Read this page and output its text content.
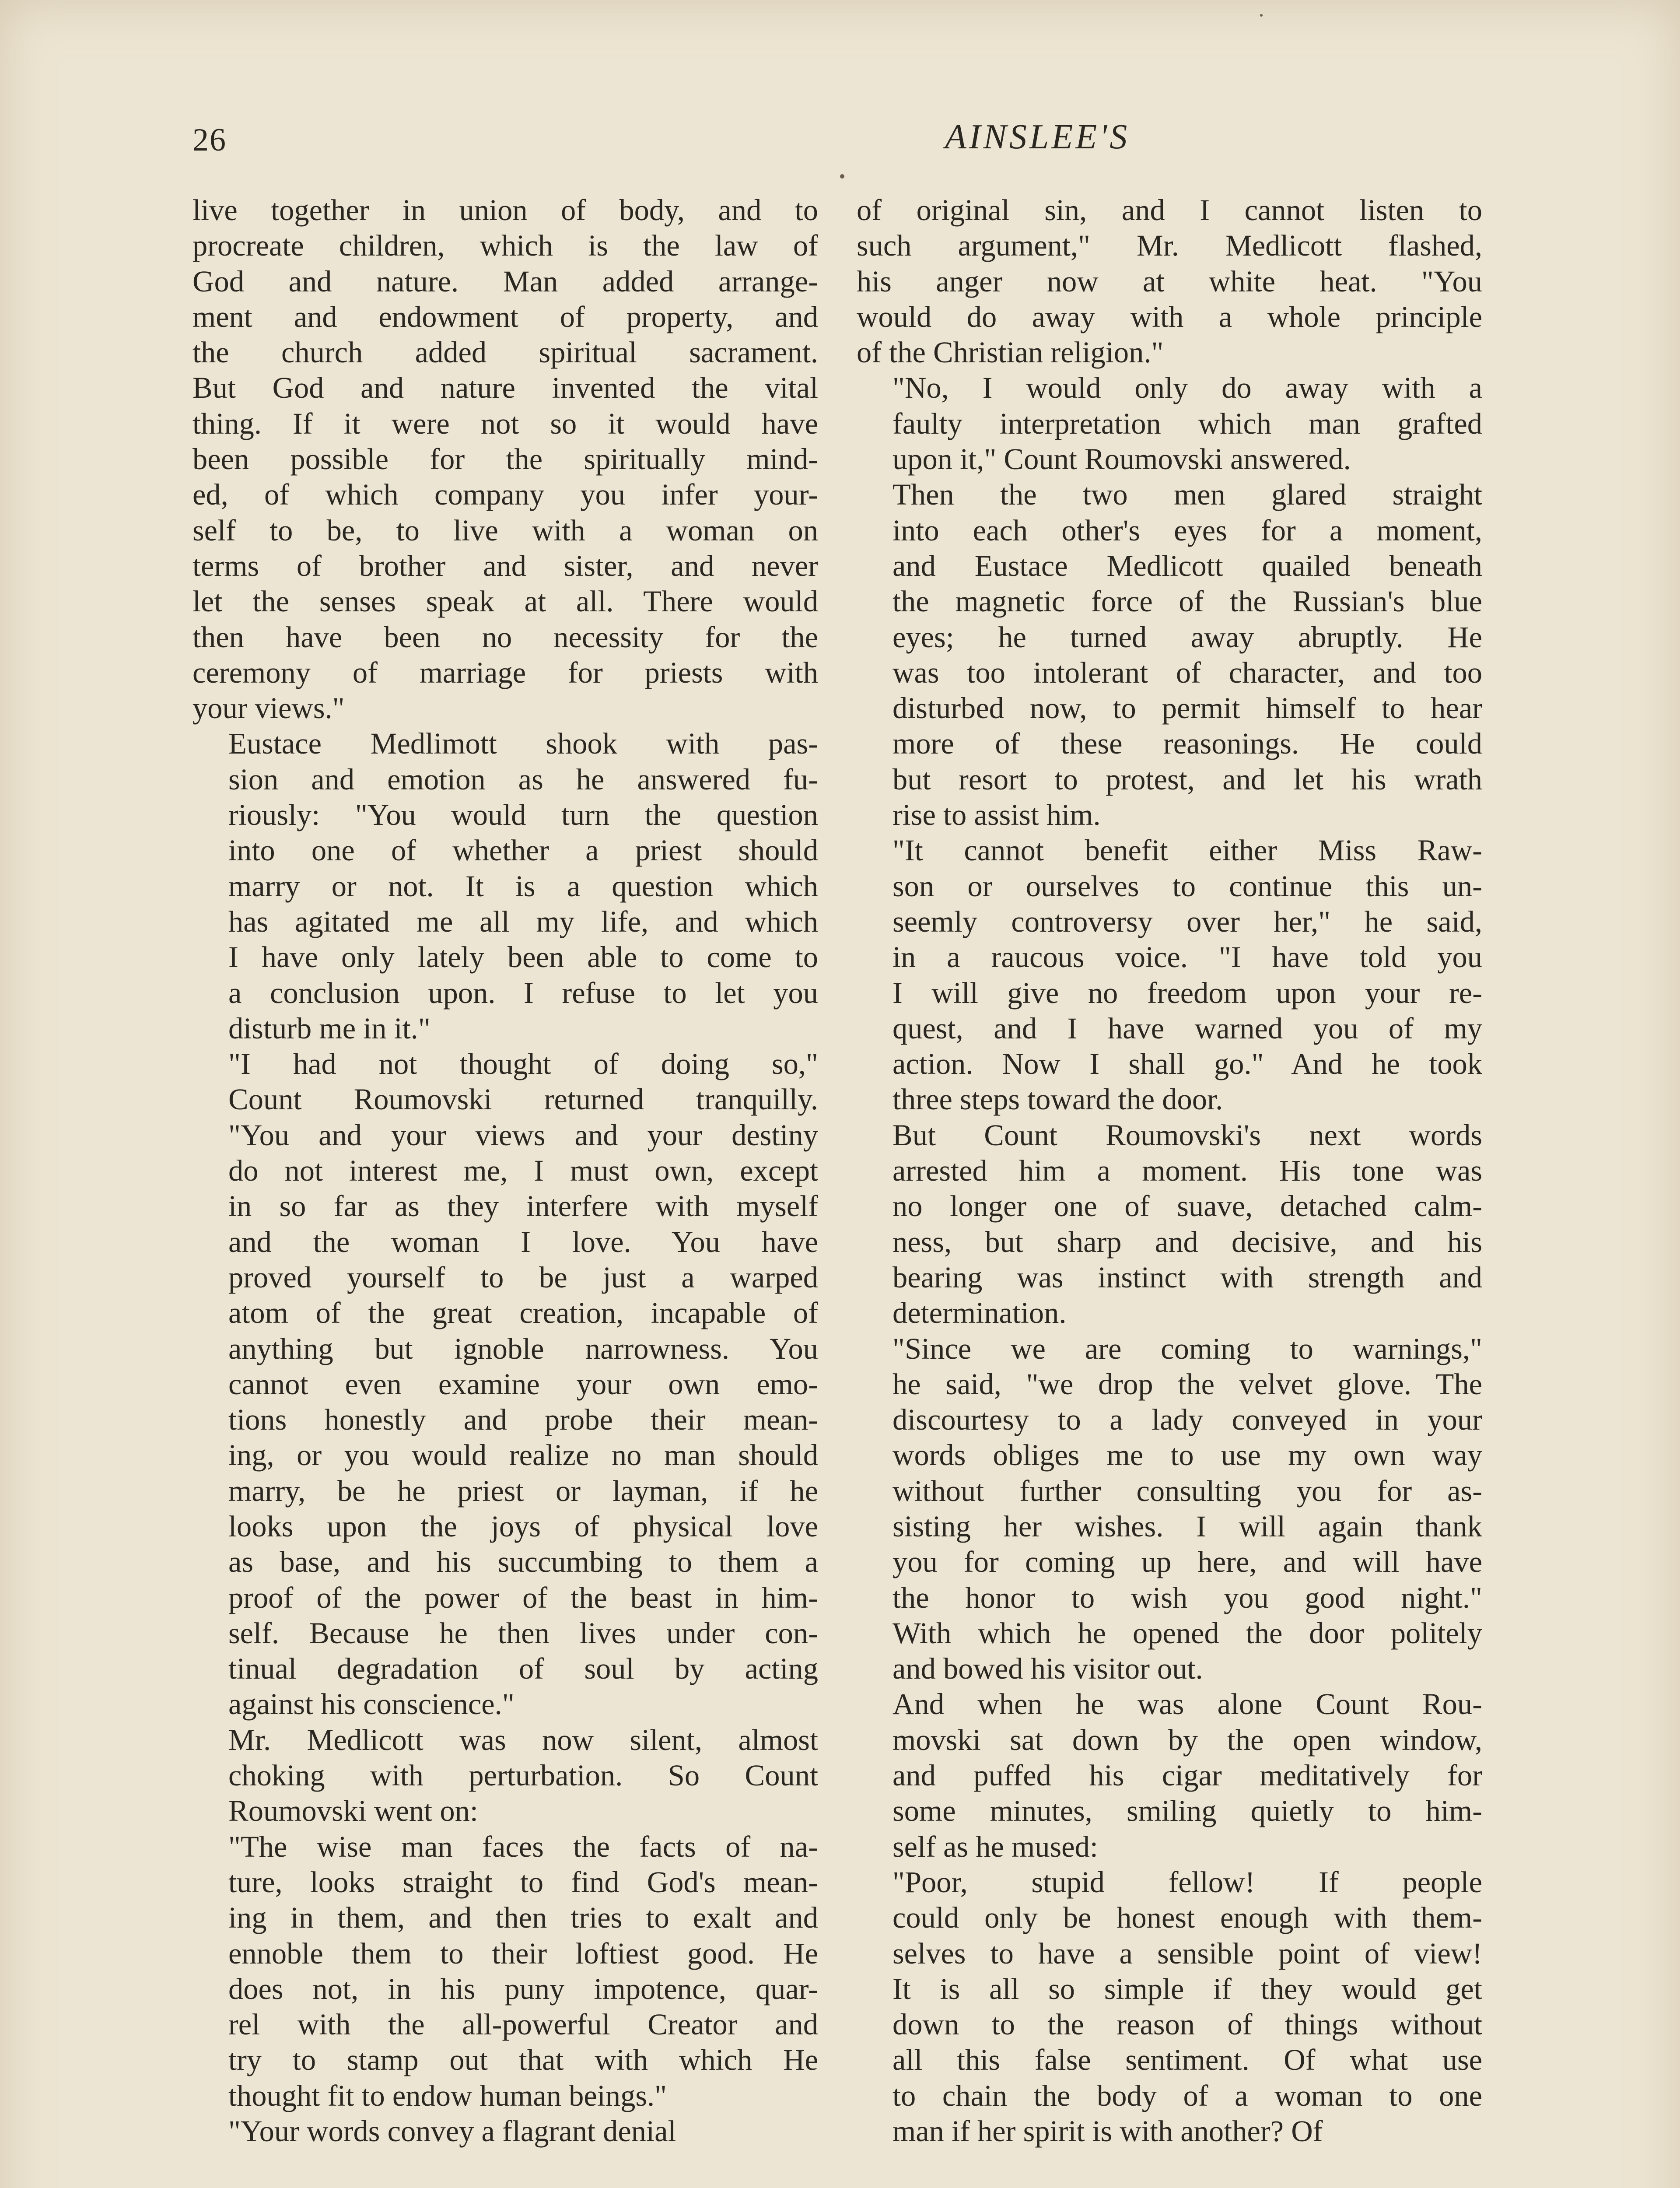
26	AINSLEE'S

live together in union of body, and to
procreate children, which is the law of
God and nature. Man added arrange-
ment and endowment of property, and
the church added spiritual sacrament.
But God and nature invented the vital
thing. If it were not so it would have
been possible for the spiritually mind-
ed, of which company you infer your-
self to be, to live with a woman on
terms of brother and sister, and never
let the senses speak at all. There would
then have been no necessity for the
ceremony of marriage for priests with
your views."

Eustace Medlimott shook with pas-
sion and emotion as he answered fu-
riously: "You would turn the question
into one of whether a priest should
marry or not. It is a question which
has agitated me all my life, and which
I have only lately been able to come to
a conclusion upon. I refuse to let you
disturb me in it."

"I had not thought of doing so,"
Count Roumovski returned tranquilly.
"You and your views and your destiny
do not interest me, I must own, except
in so far as they interfere with myself
and the woman I love. You have
proved yourself to be just a warped
atom of the great creation, incapable of
anything but ignoble narrowness. You
cannot even examine your own emo-
tions honestly and probe their mean-
ing, or you would realize no man should
marry, be he priest or layman, if he
looks upon the joys of physical love
as base, and his succumbing to them a
proof of the power of the beast in him-
self. Because he then lives under con-
tinual degradation of soul by acting
against his conscience."

Mr. Medlicott was now silent, almost
choking with perturbation. So Count
Roumovski went on:

"The wise man faces the facts of na-
ture, looks straight to find God's mean-
ing in them, and then tries to exalt and
ennoble them to their loftiest good. He
does not, in his puny impotence, quar-
rel with the all-powerful Creator and
try to stamp out that with which He
thought fit to endow human beings."

"Your words convey a flagrant denial

of original sin, and I cannot listen to
such argument," Mr. Medlicott flashed,
his anger now at white heat. "You
would do away with a whole principle
of the Christian religion."

"No, I would only do away with a
faulty interpretation which man grafted
upon it," Count Roumovski answered.

Then the two men glared straight
into each other's eyes for a moment,
and Eustace Medlicott quailed beneath
the magnetic force of the Russian's blue
eyes; he turned away abruptly. He
was too intolerant of character, and too
disturbed now, to permit himself to hear
more of these reasonings. He could
but resort to protest, and let his wrath
rise to assist him.

"It cannot benefit either Miss Raw-
son or ourselves to continue this un-
seemly controversy over her," he said,
in a raucous voice. "I have told you
I will give no freedom upon your re-
quest, and I have warned you of my
action. Now I shall go." And he took
three steps toward the door.

But Count Roumovski's next words
arrested him a moment. His tone was
no longer one of suave, detached calm-
ness, but sharp and decisive, and his
bearing was instinct with strength and
determination.

"Since we are coming to warnings,"
he said, "we drop the velvet glove. The
discourtesy to a lady conveyed in your
words obliges me to use my own way
without further consulting you for as-
sisting her wishes. I will again thank
you for coming up here, and will have
the honor to wish you good night."
With which he opened the door politely
and bowed his visitor out.

And when he was alone Count Rou-
movski sat down by the open window,
and puffed his cigar meditatively for
some minutes, smiling quietly to him-
self as he mused:

"Poor, stupid fellow! If people
could only be honest enough with them-
selves to have a sensible point of view!
It is all so simple if they would get
down to the reason of things without
all this false sentiment. Of what use
to chain the body of a woman to one
man if her spirit is with another? Of
